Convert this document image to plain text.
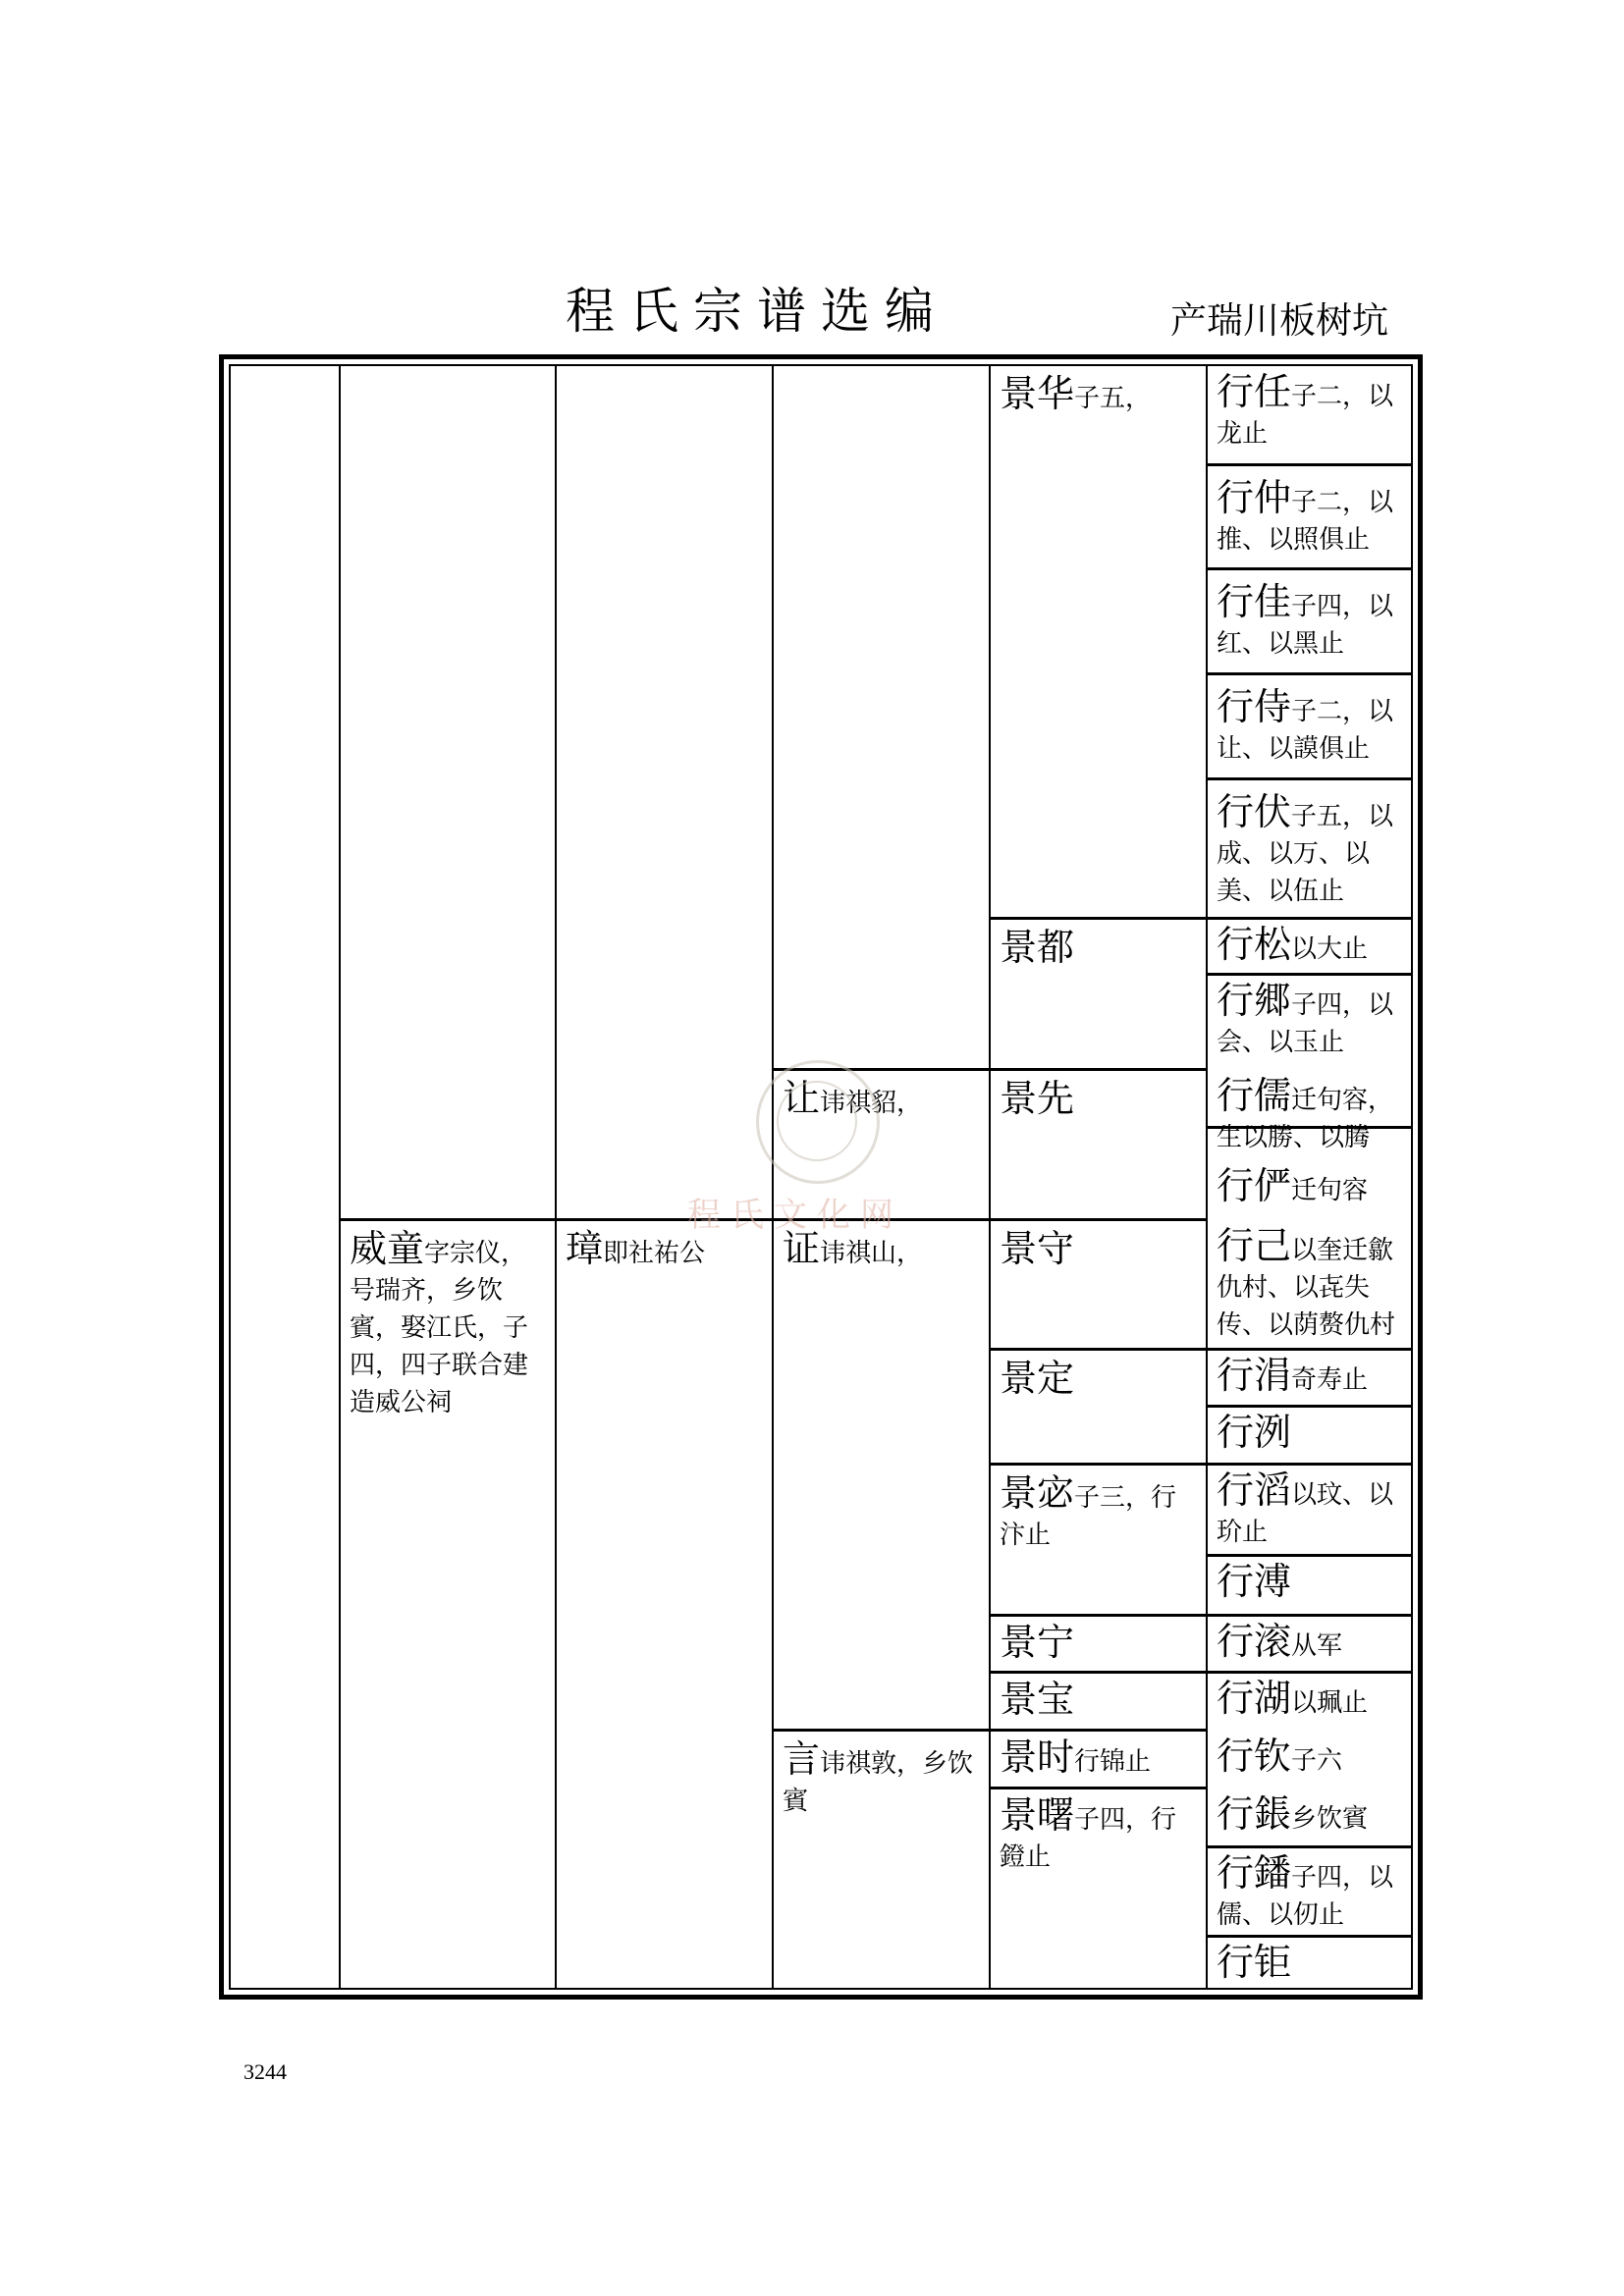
程氏宗谱选编	产瑞川板树坑
威童字宗仪，号瑞齐，乡饮賓，娶江氏，子四，四子联合建造威公祠
璋即社祐公
让讳祺貂，
证讳祺山，
言讳祺敦，乡饮賓
景华子五，
景都
景先
景守
景定
景宓子三，行汴止
景宁
景宝
景时行锦止
景曙子四，行鐙止
行任子二，以龙止
行仲子二，以推、以照俱止
行佳子四，以红、以黑止
行侍子二，以让、以謨俱止
行伏子五，以成、以万、以美、以伍止
行松以大止
行郷子四，以会、以玉止
行儒迁句容，生以勝、以腾
行俨迁句容
行己以奎迁歙仇村、以㐂失传、以荫赘仇村
行涓奇寿止
行洌
行滔以玟、以玠止
行溥
行滚从军
行湖以珮止
行钦子六
行鋹乡饮賓
行鐇子四，以儒、以仞止
行钜
程氏文化网
3244
